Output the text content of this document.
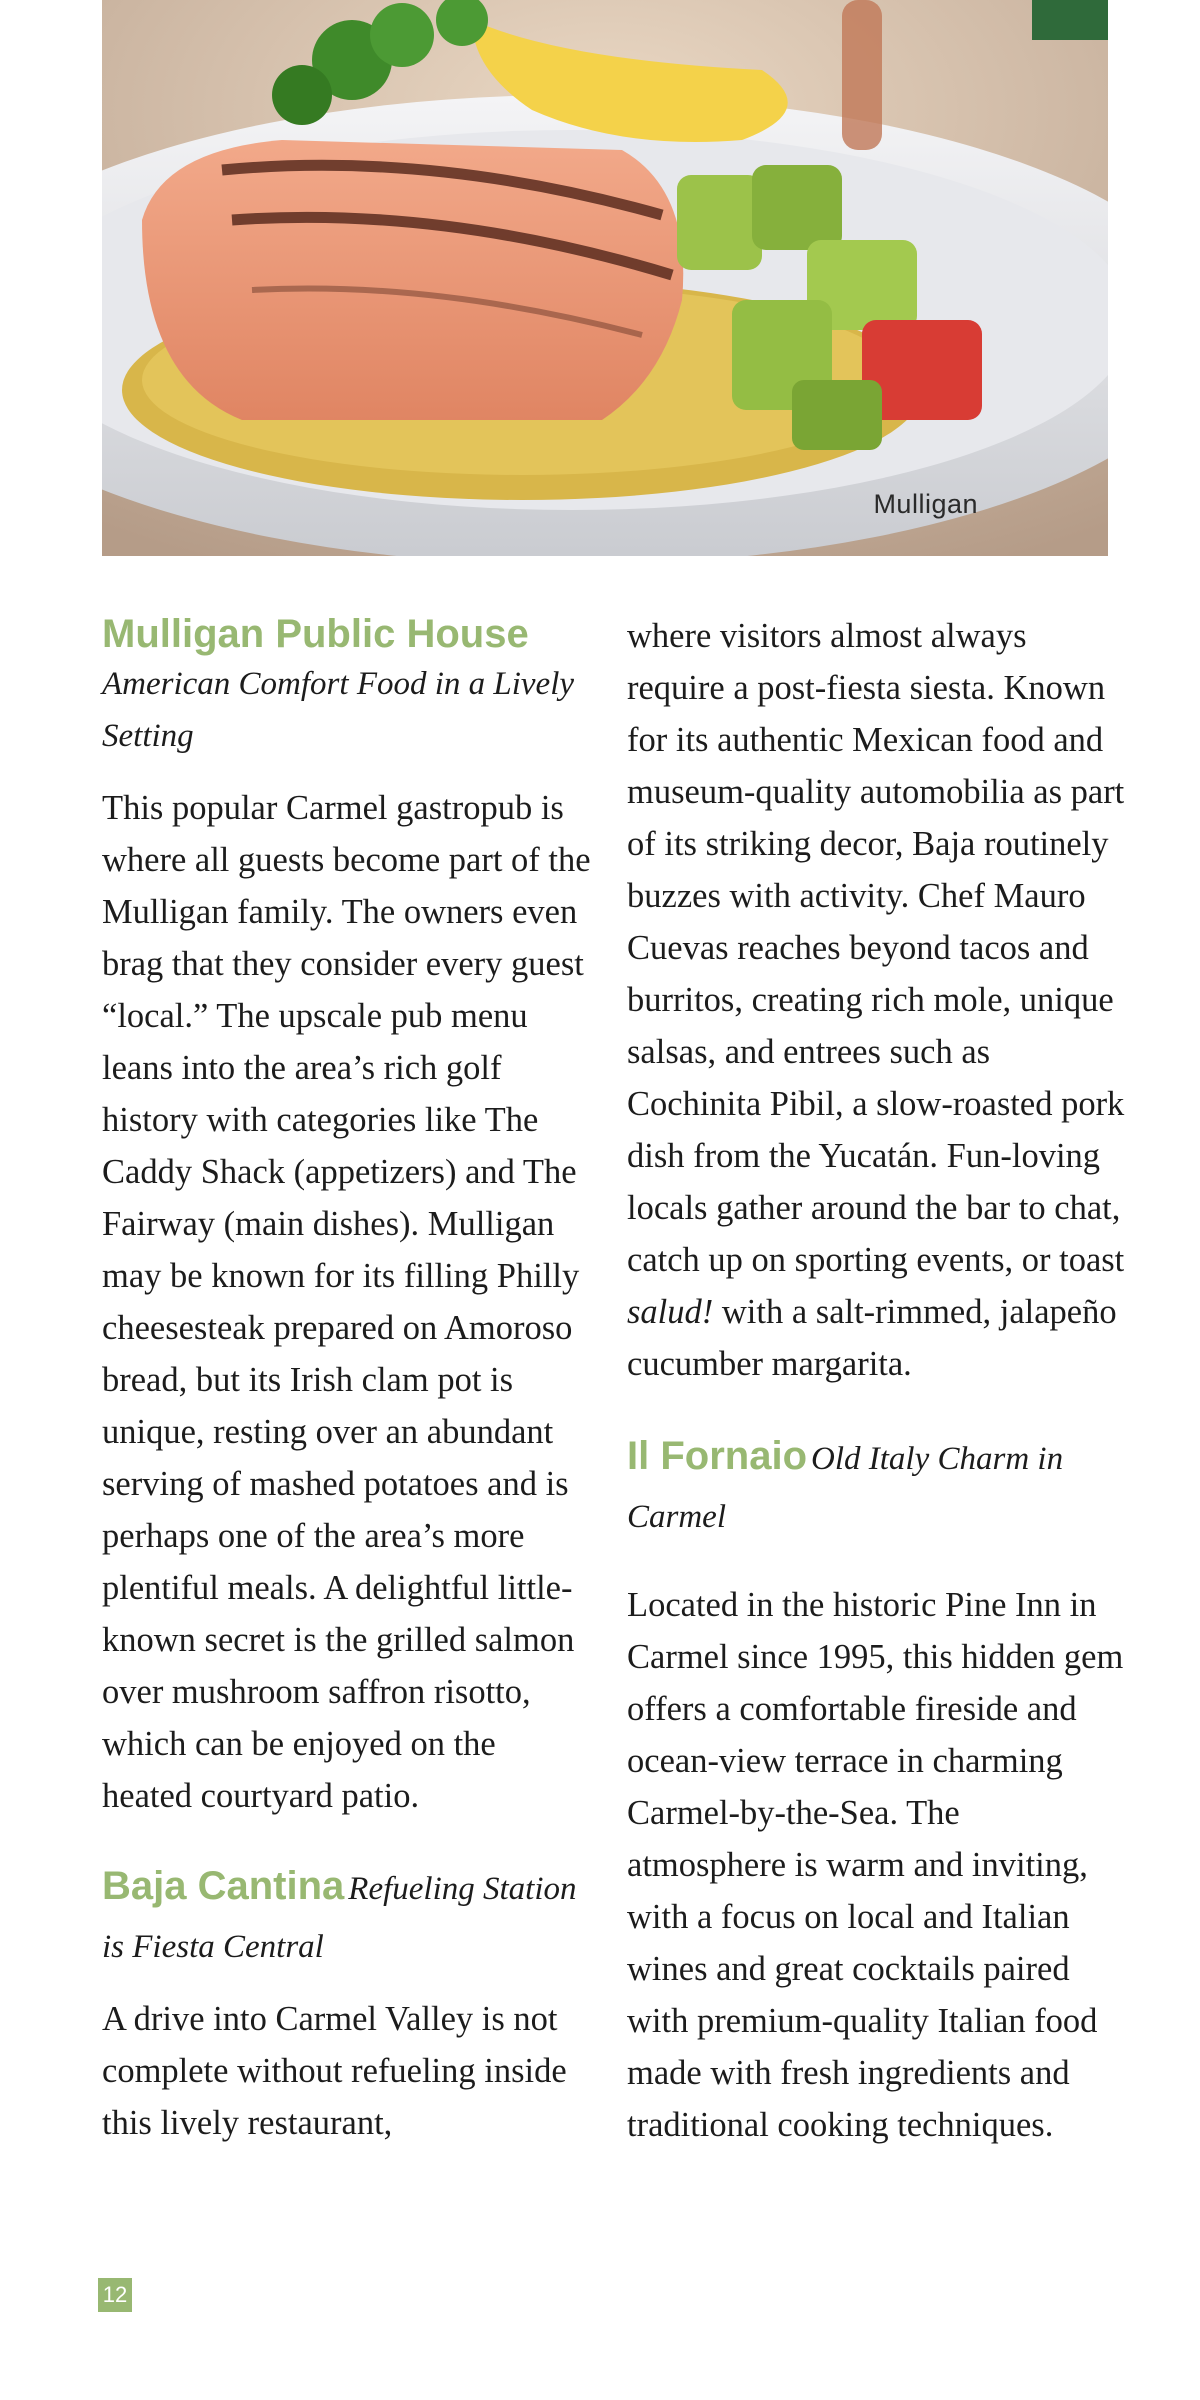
Mulligan
Mulligan Public House

American Comfort Food in a Lively Setting

This popular Carmel gastropub is where all guests become part of the Mulligan family. The owners even brag that they consider every guest “local.” The upscale pub menu leans into the area’s rich golf history with categories like The Caddy Shack (appetizers) and The Fairway (main dishes). Mulligan may be known for its filling Philly cheesesteak prepared on Amoroso bread, but its Irish clam pot is unique, resting over an abundant serving of mashed potatoes and is perhaps one of the area’s more plentiful meals. A delightful little-known secret is the grilled salmon over mushroom saffron risotto, which can be enjoyed on the heated courtyard patio.

Baja Cantina Refueling Station is Fiesta Central

A drive into Carmel Valley is not complete without refueling inside this lively restaurant,

where visitors almost always require a post-fiesta siesta. Known for its authentic Mexican food and museum-quality automobilia as part of its striking decor, Baja routinely buzzes with activity. Chef Mauro Cuevas reaches beyond tacos and burritos, creating rich mole, unique salsas, and entrees such as Cochinita Pibil, a slow-roasted pork dish from the Yucatán. Fun-loving locals gather around the bar to chat, catch up on sporting events, or toast salud! with a salt-rimmed, jalapeño cucumber margarita.

Il Fornaio Old Italy Charm in Carmel

Located in the historic Pine Inn in Carmel since 1995, this hidden gem offers a comfortable fireside and ocean-view terrace in charming Carmel-by-the-Sea. The atmosphere is warm and inviting, with a focus on local and Italian wines and great cocktails paired with premium-quality Italian food made with fresh ingredients and traditional cooking techniques.

12
